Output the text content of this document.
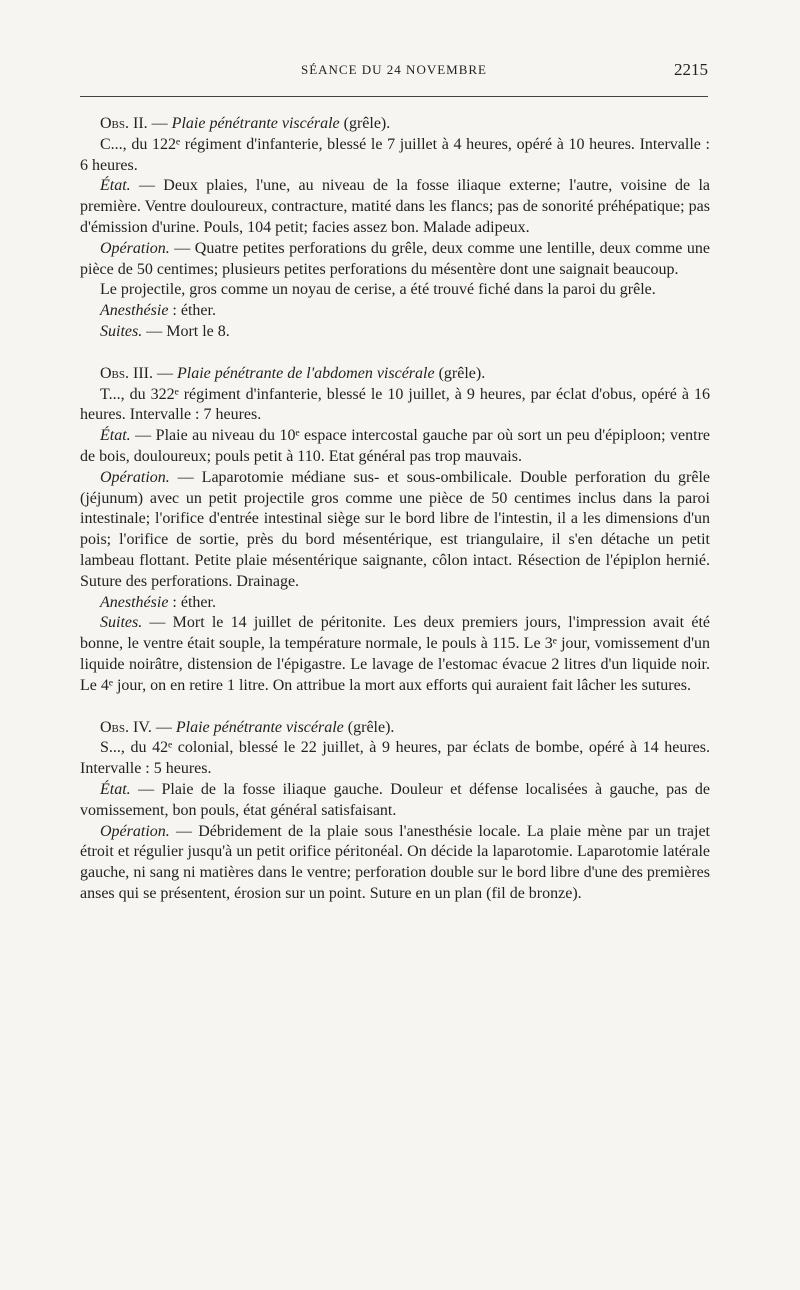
SÉANCE DU 24 NOVEMBRE	2215

Obs. II. — Plaie pénétrante viscérale (grêle).

C..., du 122ᵉ régiment d'infanterie, blessé le 7 juillet à 4 heures, opéré à 10 heures. Intervalle : 6 heures.

État. — Deux plaies, l'une, au niveau de la fosse iliaque externe; l'autre, voisine de la première. Ventre douloureux, contracture, matité dans les flancs; pas de sonorité préhépatique; pas d'émission d'urine. Pouls, 104 petit; facies assez bon. Malade adipeux.

Opération. — Quatre petites perforations du grêle, deux comme une lentille, deux comme une pièce de 50 centimes; plusieurs petites perforations du mésentère dont une saignait beaucoup.

Le projectile, gros comme un noyau de cerise, a été trouvé fiché dans la paroi du grêle.

Anesthésie : éther.

Suites. — Mort le 8.

Obs. III. — Plaie pénétrante de l'abdomen viscérale (grêle).

T..., du 322ᵉ régiment d'infanterie, blessé le 10 juillet, à 9 heures, par éclat d'obus, opéré à 16 heures. Intervalle : 7 heures.

État. — Plaie au niveau du 10ᵉ espace intercostal gauche par où sort un peu d'épiploon; ventre de bois, douloureux; pouls petit à 110. Etat général pas trop mauvais.

Opération. — Laparotomie médiane sus- et sous-ombilicale. Double perforation du grêle (jéjunum) avec un petit projectile gros comme une pièce de 50 centimes inclus dans la paroi intestinale; l'orifice d'entrée intestinal siège sur le bord libre de l'intestin, il a les dimensions d'un pois; l'orifice de sortie, près du bord mésentérique, est triangulaire, il s'en détache un petit lambeau flottant. Petite plaie mésentérique saignante, côlon intact. Résection de l'épiplon hernié. Suture des perforations. Drainage.

Anesthésie : éther.

Suites. — Mort le 14 juillet de péritonite. Les deux premiers jours, l'impression avait été bonne, le ventre était souple, la température normale, le pouls à 115. Le 3ᵉ jour, vomissement d'un liquide noirâtre, distension de l'épigastre. Le lavage de l'estomac évacue 2 litres d'un liquide noir. Le 4ᵉ jour, on en retire 1 litre. On attribue la mort aux efforts qui auraient fait lâcher les sutures.

Obs. IV. — Plaie pénétrante viscérale (grêle).

S..., du 42ᵉ colonial, blessé le 22 juillet, à 9 heures, par éclats de bombe, opéré à 14 heures. Intervalle : 5 heures.

État. — Plaie de la fosse iliaque gauche. Douleur et défense localisées à gauche, pas de vomissement, bon pouls, état général satisfaisant.

Opération. — Débridement de la plaie sous l'anesthésie locale. La plaie mène par un trajet étroit et régulier jusqu'à un petit orifice péritonéal. On décide la laparotomie. Laparotomie latérale gauche, ni sang ni matières dans le ventre; perforation double sur le bord libre d'une des premières anses qui se présentent, érosion sur un point. Suture en un plan (fil de bronze).
